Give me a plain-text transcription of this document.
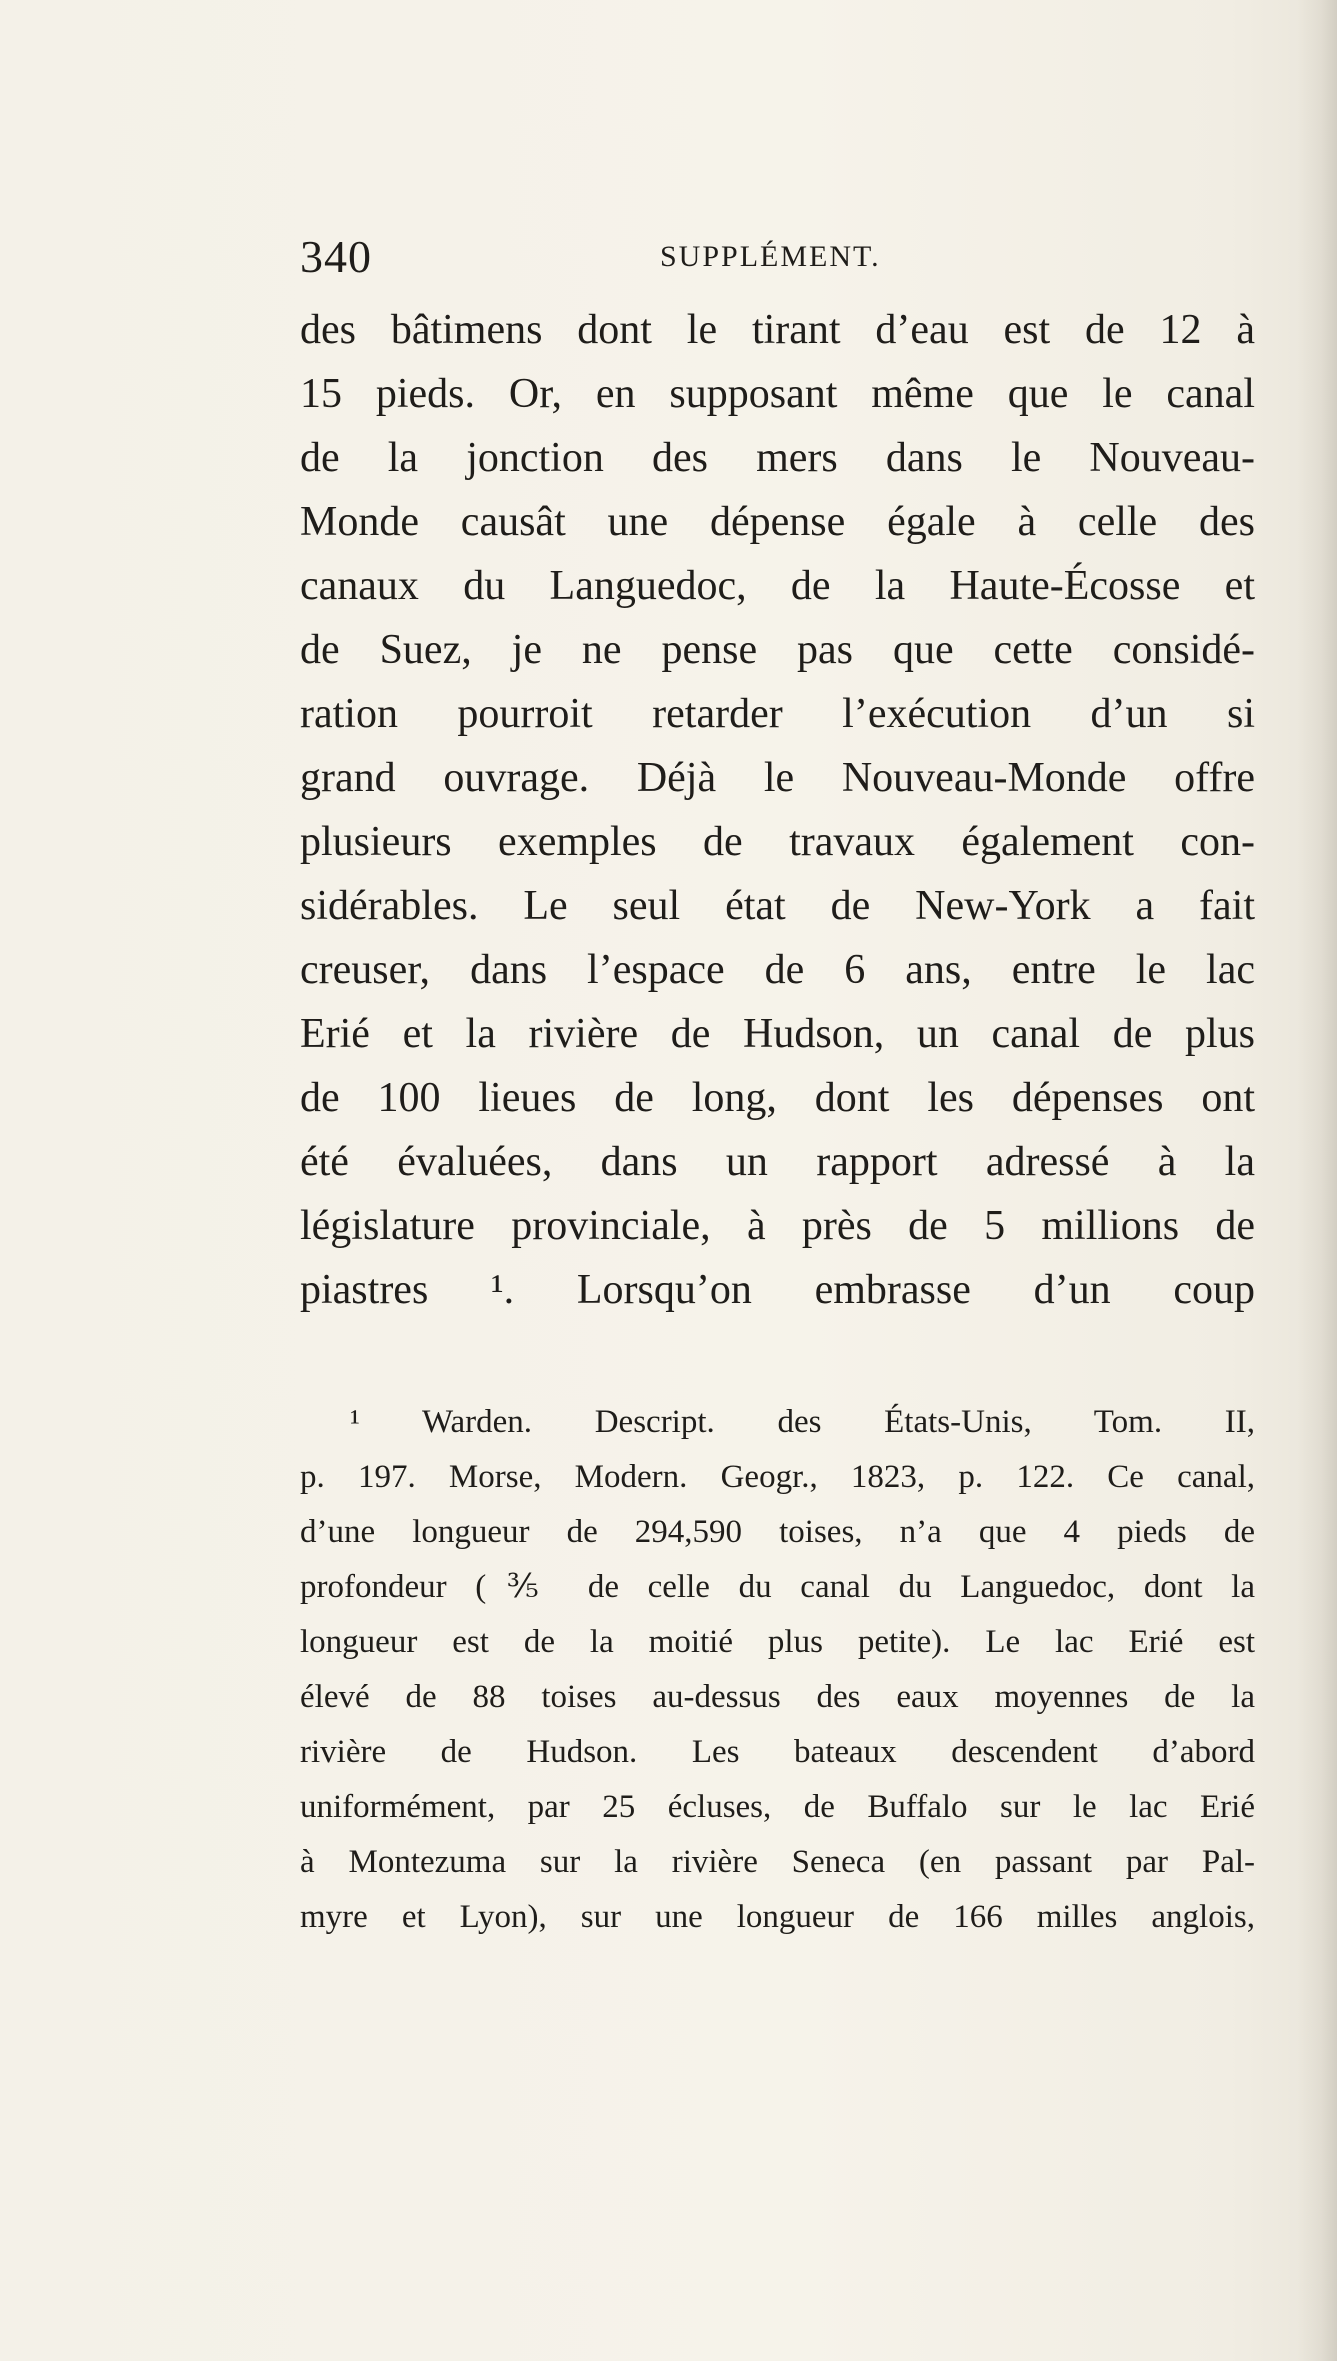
340	SUPPLÉMENT.
des bâtimens dont le tirant d’eau est de 12 à
15 pieds. Or, en supposant même que le canal
de la jonction des mers dans le Nouveau-
Monde causât une dépense égale à celle des
canaux du Languedoc, de la Haute-Écosse et
de Suez, je ne pense pas que cette considé-
ration pourroit retarder l’exécution d’un si
grand ouvrage. Déjà le Nouveau-Monde offre
plusieurs exemples de travaux également con-
sidérables. Le seul état de New-York a fait
creuser, dans l’espace de 6 ans, entre le lac
Erié et la rivière de Hudson, un canal de plus
de 100 lieues de long, dont les dépenses ont
été évaluées, dans un rapport adressé à la
législature provinciale, à près de 5 millions de
piastres ¹. Lorsqu’on embrasse d’un coup
¹ Warden. Descript. des États-Unis, Tom. II,
p. 197. Morse, Modern. Geogr., 1823, p. 122. Ce canal,
d’une longueur de 294,590 toises, n’a que 4 pieds de
profondeur (⅗ de celle du canal du Languedoc, dont la
longueur est de la moitié plus petite). Le lac Erié est
élevé de 88 toises au-dessus des eaux moyennes de la
rivière de Hudson. Les bateaux descendent d’abord
uniformément, par 25 écluses, de Buffalo sur le lac Erié
à Montezuma sur la rivière Seneca (en passant par Pal-
myre et Lyon), sur une longueur de 166 milles anglois,
